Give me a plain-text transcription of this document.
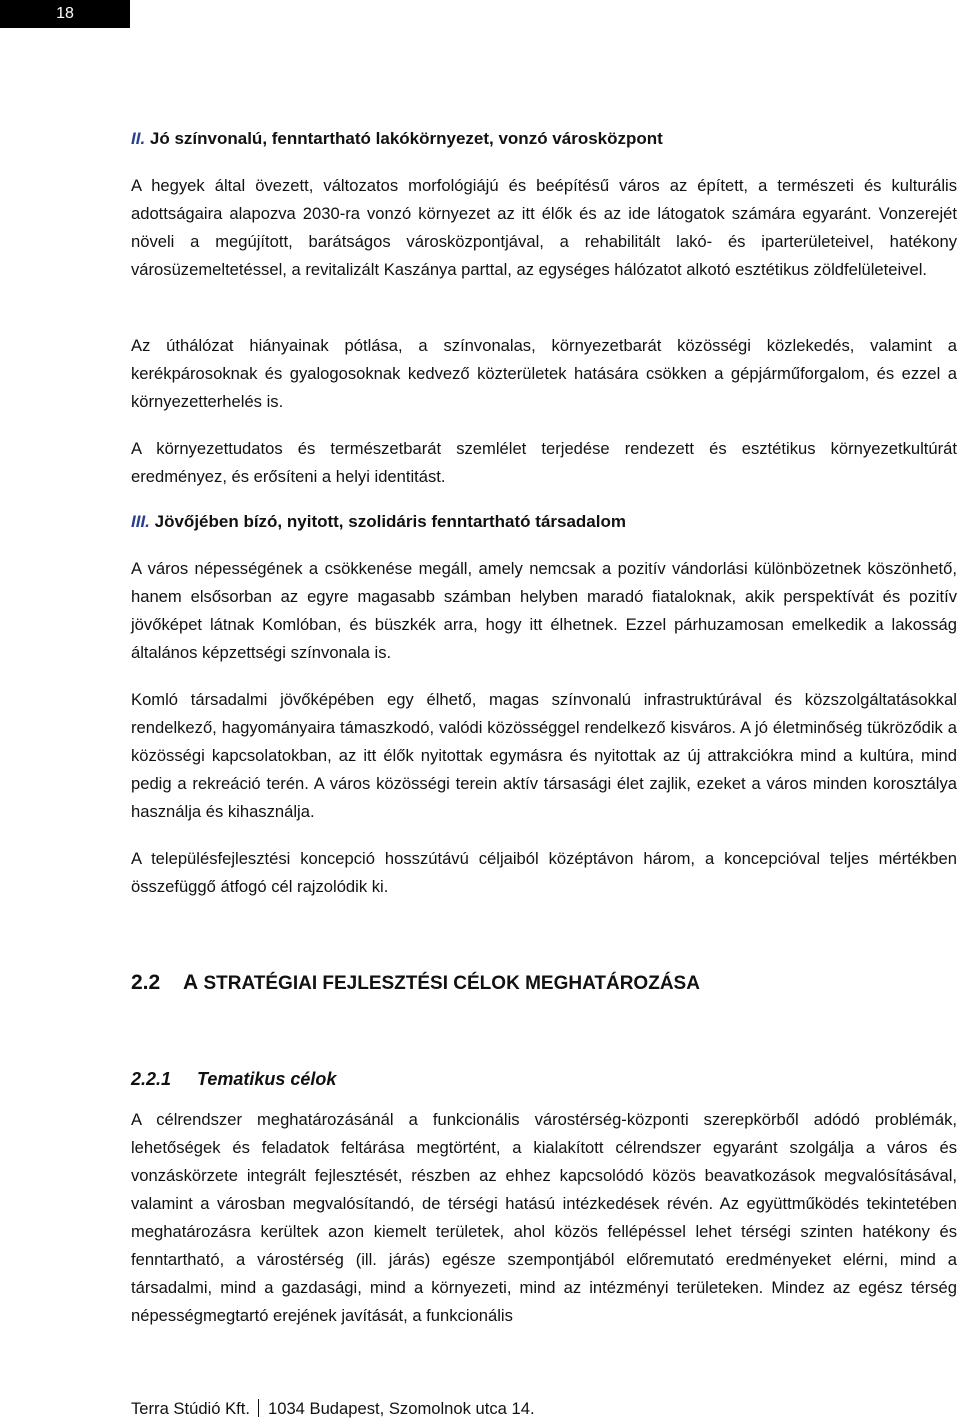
18
II. Jó színvonalú, fenntartható lakókörnyezet, vonzó városközpont

A hegyek által övezett, változatos morfológiájú és beépítésű város az épített, a természeti és kulturális adottságaira alapozva 2030-ra vonzó környezet az itt élők és az ide látogatok számára egyaránt. Vonzerejét növeli a megújított, barátságos városközpontjával, a rehabilitált lakó- és iparterületeivel, hatékony városüzemeltetéssel, a revitalizált Kaszánya parttal, az egységes hálózatot alkotó esztétikus zöldfelületeivel.

Az úthálózat hiányainak pótlása, a színvonalas, környezetbarát közösségi közlekedés, valamint a kerékpárosoknak és gyalogosoknak kedvező közterületek hatására csökken a gépjárműforgalom, és ezzel a környezetterhelés is.

A környezettudatos és természetbarát szemlélet terjedése rendezett és esztétikus környezetkultúrát eredményez, és erősíteni a helyi identitást.

III. Jövőjében bízó, nyitott, szolidáris fenntartható társadalom

A város népességének a csökkenése megáll, amely nemcsak a pozitív vándorlási különbözetnek köszönhető, hanem elsősorban az egyre magasabb számban helyben maradó fiataloknak, akik perspektívát és pozitív jövőképet látnak Komlóban, és büszkék arra, hogy itt élhetnek. Ezzel párhuzamosan emelkedik a lakosság általános képzettségi színvonala is.

Komló társadalmi jövőképében egy élhető, magas színvonalú infrastruktúrával és közszolgáltatásokkal rendelkező, hagyományaira támaszkodó, valódi közösséggel rendelkező kisváros. A jó életminőség tükröződik a közösségi kapcsolatokban, az itt élők nyitottak egymásra és nyitottak az új attrakciókra mind a kultúra, mind pedig a rekreáció terén. A város közösségi terein aktív társasági élet zajlik, ezeket a város minden korosztálya használja és kihasználja.

A településfejlesztési koncepció hosszútávú céljaiból középtávon három, a koncepcióval teljes mértékben összefüggő átfogó cél rajzolódik ki.

2.2 A STRATÉGIAI FEJLESZTÉSI CÉLOK MEGHATÁROZÁSA
2.2.1 Tematikus célok

A célrendszer meghatározásánál a funkcionális várostérség-központi szerepkörből adódó problémák, lehetőségek és feladatok feltárása megtörtént, a kialakított célrendszer egyaránt szolgálja a város és vonzáskörzete integrált fejlesztését, részben az ehhez kapcsolódó közös beavatkozások megvalósításával, valamint a városban megvalósítandó, de térségi hatású intézkedések révén. Az együttműködés tekintetében meghatározásra kerültek azon kiemelt területek, ahol közös fellépéssel lehet térségi szinten hatékony és fenntartható, a várostérség (ill. járás) egésze szempontjából előremutató eredményeket elérni, mind a társadalmi, mind a gazdasági, mind a környezeti, mind az intézményi területeken. Mindez az egész térség népességmegtartó erejének javítását, a funkcionális

Terra Stúdió Kft. 1034 Budapest, Szomolnok utca 14.
